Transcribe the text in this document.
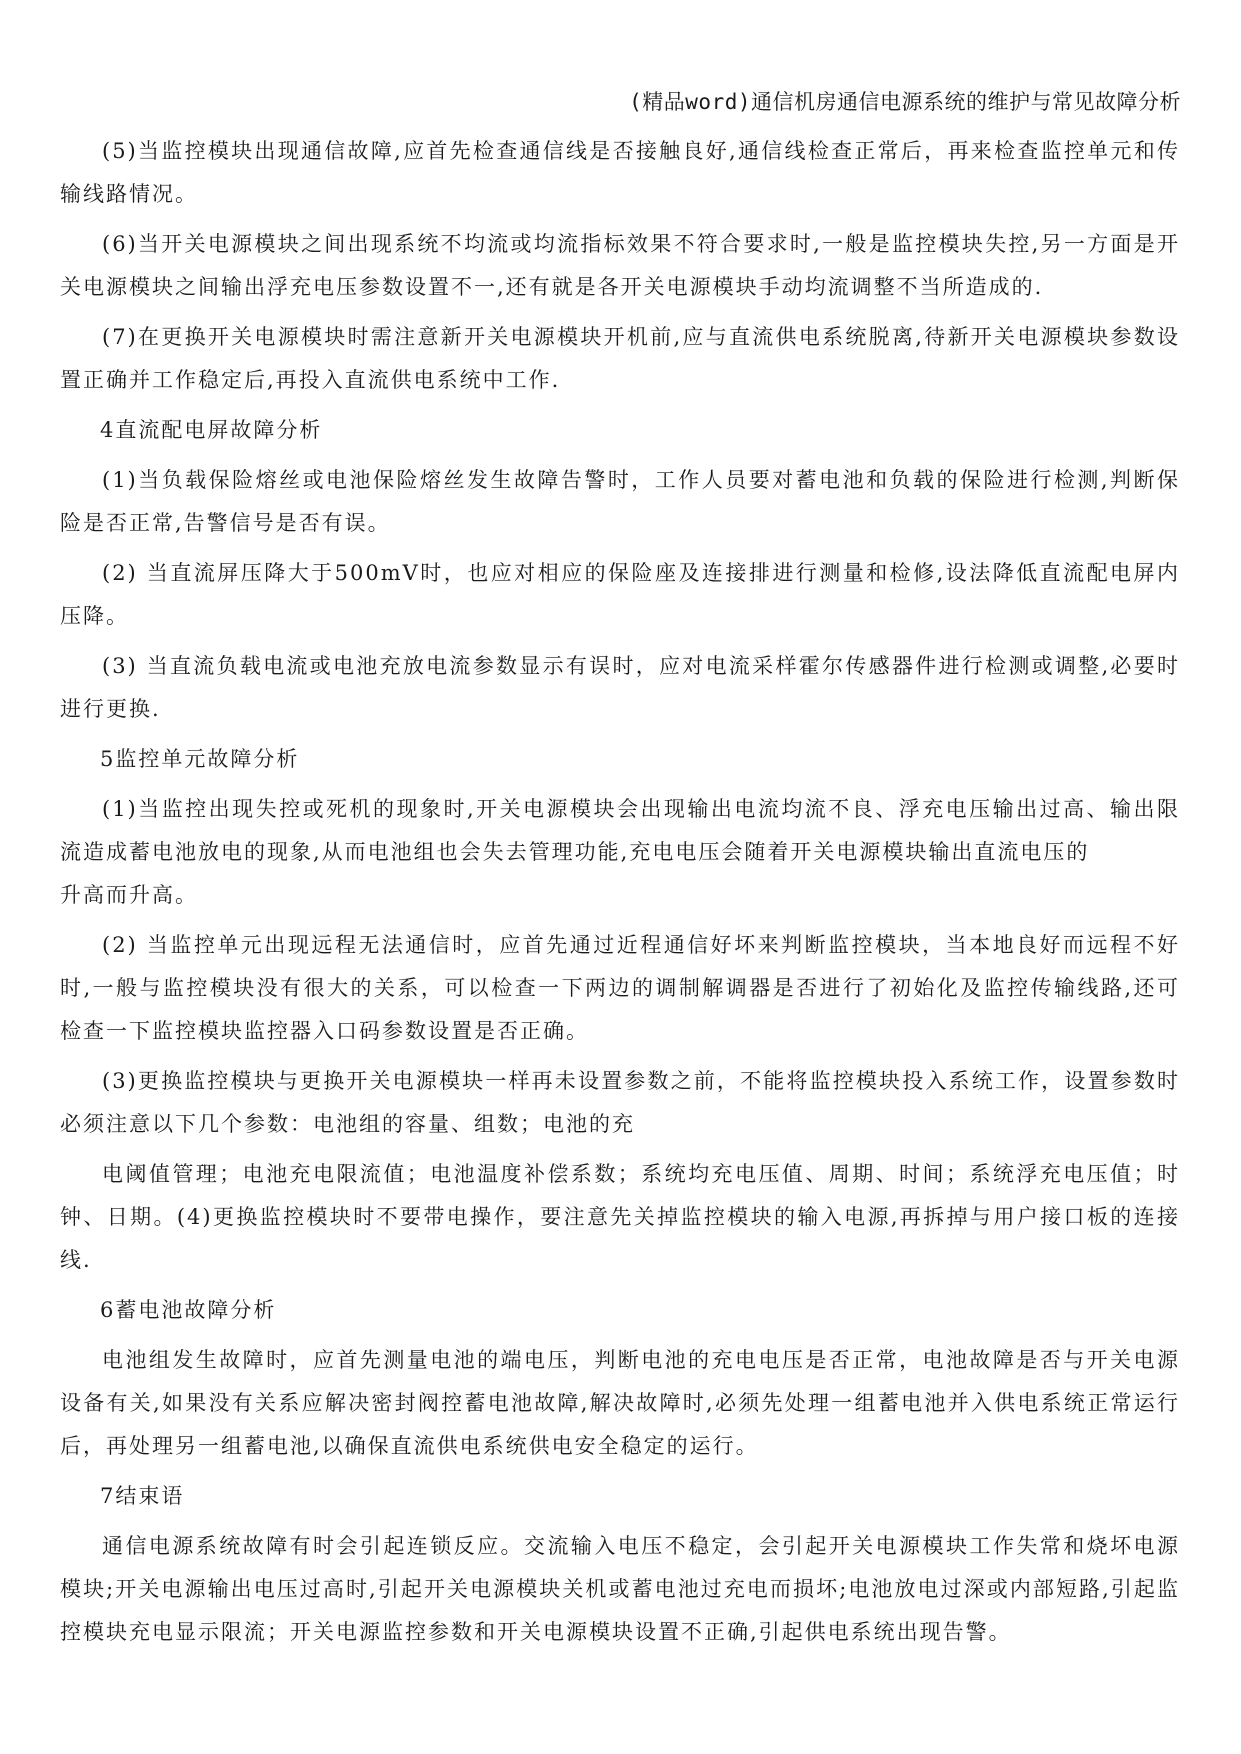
(精品word)通信机房通信电源系统的维护与常见故障分析

(5)当监控模块出现通信故障,应首先检查通信线是否接触良好,通信线检查正常后，再来检查监控单元和传输线路情况。

(6)当开关电源模块之间出现系统不均流或均流指标效果不符合要求时,一般是监控模块失控,另一方面是开关电源模块之间输出浮充电压参数设置不一,还有就是各开关电源模块手动均流调整不当所造成的.

(7)在更换开关电源模块时需注意新开关电源模块开机前,应与直流供电系统脱离,待新开关电源模块参数设置正确并工作稳定后,再投入直流供电系统中工作.

4直流配电屏故障分析

(1)当负载保险熔丝或电池保险熔丝发生故障告警时，工作人员要对蓄电池和负载的保险进行检测,判断保险是否正常,告警信号是否有误。

(2) 当直流屏压降大于500mV时，也应对相应的保险座及连接排进行测量和检修,设法降低直流配电屏内压降。

(3) 当直流负载电流或电池充放电流参数显示有误时，应对电流采样霍尔传感器件进行检测或调整,必要时进行更换.

5监控单元故障分析

(1)当监控出现失控或死机的现象时,开关电源模块会出现输出电流均流不良、浮充电压输出过高、输出限流造成蓄电池放电的现象,从而电池组也会失去管理功能,充电电压会随着开关电源模块输出直流电压的

升高而升高。

(2) 当监控单元出现远程无法通信时，应首先通过近程通信好坏来判断监控模块，当本地良好而远程不好时,一般与监控模块没有很大的关系，可以检查一下两边的调制解调器是否进行了初始化及监控传输线路,还可检查一下监控模块监控器入口码参数设置是否正确。

(3)更换监控模块与更换开关电源模块一样再未设置参数之前，不能将监控模块投入系统工作，设置参数时必须注意以下几个参数：电池组的容量、组数；电池的充

电阈值管理；电池充电限流值；电池温度补偿系数；系统均充电压值、周期、时间；系统浮充电压值；时钟、日期。(4)更换监控模块时不要带电操作，要注意先关掉监控模块的输入电源,再拆掉与用户接口板的连接线.

6蓄电池故障分析

电池组发生故障时，应首先测量电池的端电压，判断电池的充电电压是否正常，电池故障是否与开关电源设备有关,如果没有关系应解决密封阀控蓄电池故障,解决故障时,必须先处理一组蓄电池并入供电系统正常运行后，再处理另一组蓄电池,以确保直流供电系统供电安全稳定的运行。

7结束语

通信电源系统故障有时会引起连锁反应。交流输入电压不稳定，会引起开关电源模块工作失常和烧坏电源模块;开关电源输出电压过高时,引起开关电源模块关机或蓄电池过充电而损坏;电池放电过深或内部短路,引起监控模块充电显示限流；开关电源监控参数和开关电源模块设置不正确,引起供电系统出现告警。
